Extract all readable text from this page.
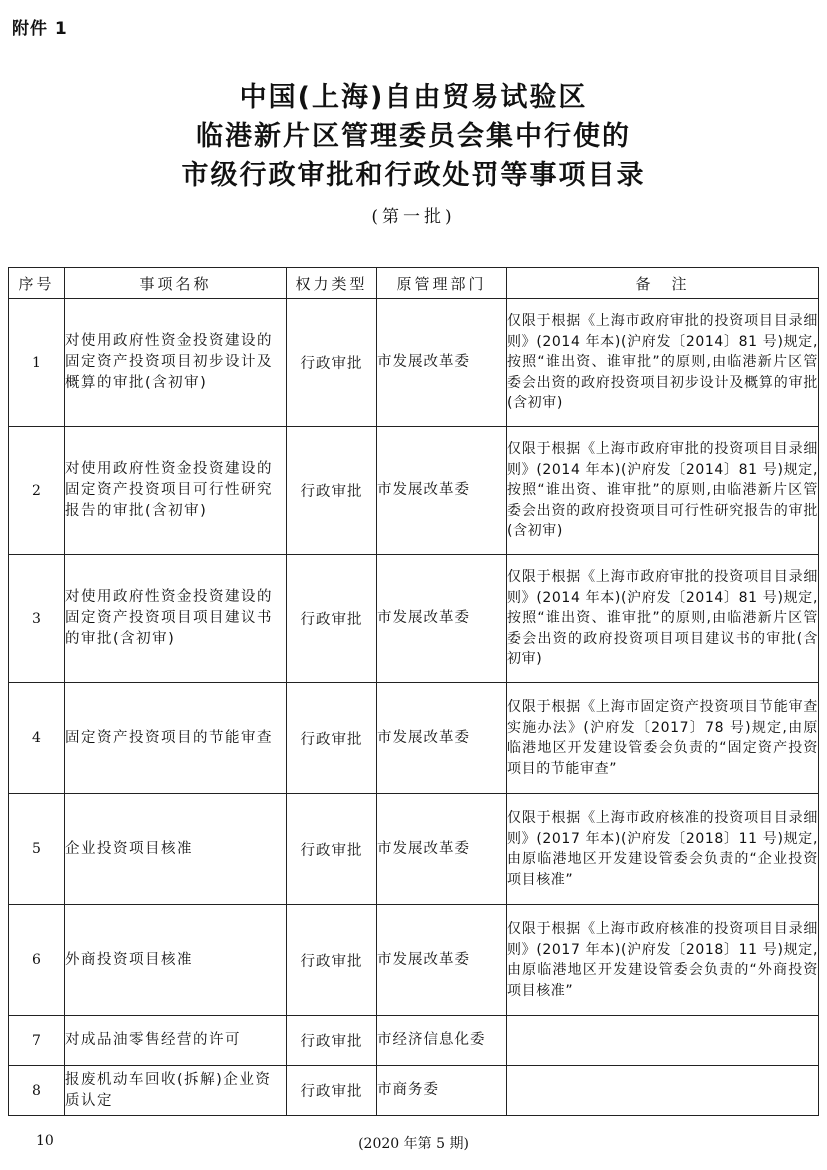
附件 1
中国(上海)自由贸易试验区
临港新片区管理委员会集中行使的
市级行政审批和行政处罚等事项目录
(第一批)
序号	事项名称	权力类型	原管理部门	备　注
1	对使用政府性资金投资建设的固定资产投资项目初步设计及概算的审批(含初审)	行政审批	市发展改革委	仅限于根据《上海市政府审批的投资项目目录细则》(2014 年本)(沪府发〔2014〕81 号)规定,按照“谁出资、谁审批”的原则,由临港新片区管委会出资的政府投资项目初步设计及概算的审批(含初审)
2	对使用政府性资金投资建设的固定资产投资项目可行性研究报告的审批(含初审)	行政审批	市发展改革委	仅限于根据《上海市政府审批的投资项目目录细则》(2014 年本)(沪府发〔2014〕81 号)规定,按照“谁出资、谁审批”的原则,由临港新片区管委会出资的政府投资项目可行性研究报告的审批(含初审)
3	对使用政府性资金投资建设的固定资产投资项目项目建议书的审批(含初审)	行政审批	市发展改革委	仅限于根据《上海市政府审批的投资项目目录细则》(2014 年本)(沪府发〔2014〕81 号)规定,按照“谁出资、谁审批”的原则,由临港新片区管委会出资的政府投资项目项目建议书的审批(含初审)
4	固定资产投资项目的节能审查	行政审批	市发展改革委	仅限于根据《上海市固定资产投资项目节能审查实施办法》(沪府发〔2017〕78 号)规定,由原临港地区开发建设管委会负责的“固定资产投资项目的节能审查”
5	企业投资项目核准	行政审批	市发展改革委	仅限于根据《上海市政府核准的投资项目目录细则》(2017 年本)(沪府发〔2018〕11 号)规定,由原临港地区开发建设管委会负责的“企业投资项目核准”
6	外商投资项目核准	行政审批	市发展改革委	仅限于根据《上海市政府核准的投资项目目录细则》(2017 年本)(沪府发〔2018〕11 号)规定,由原临港地区开发建设管委会负责的“外商投资项目核准”
7	对成品油零售经营的许可	行政审批	市经济信息化委	
8	报废机动车回收(拆解)企业资质认定	行政审批	市商务委	
10	(2020 年第 5 期)
